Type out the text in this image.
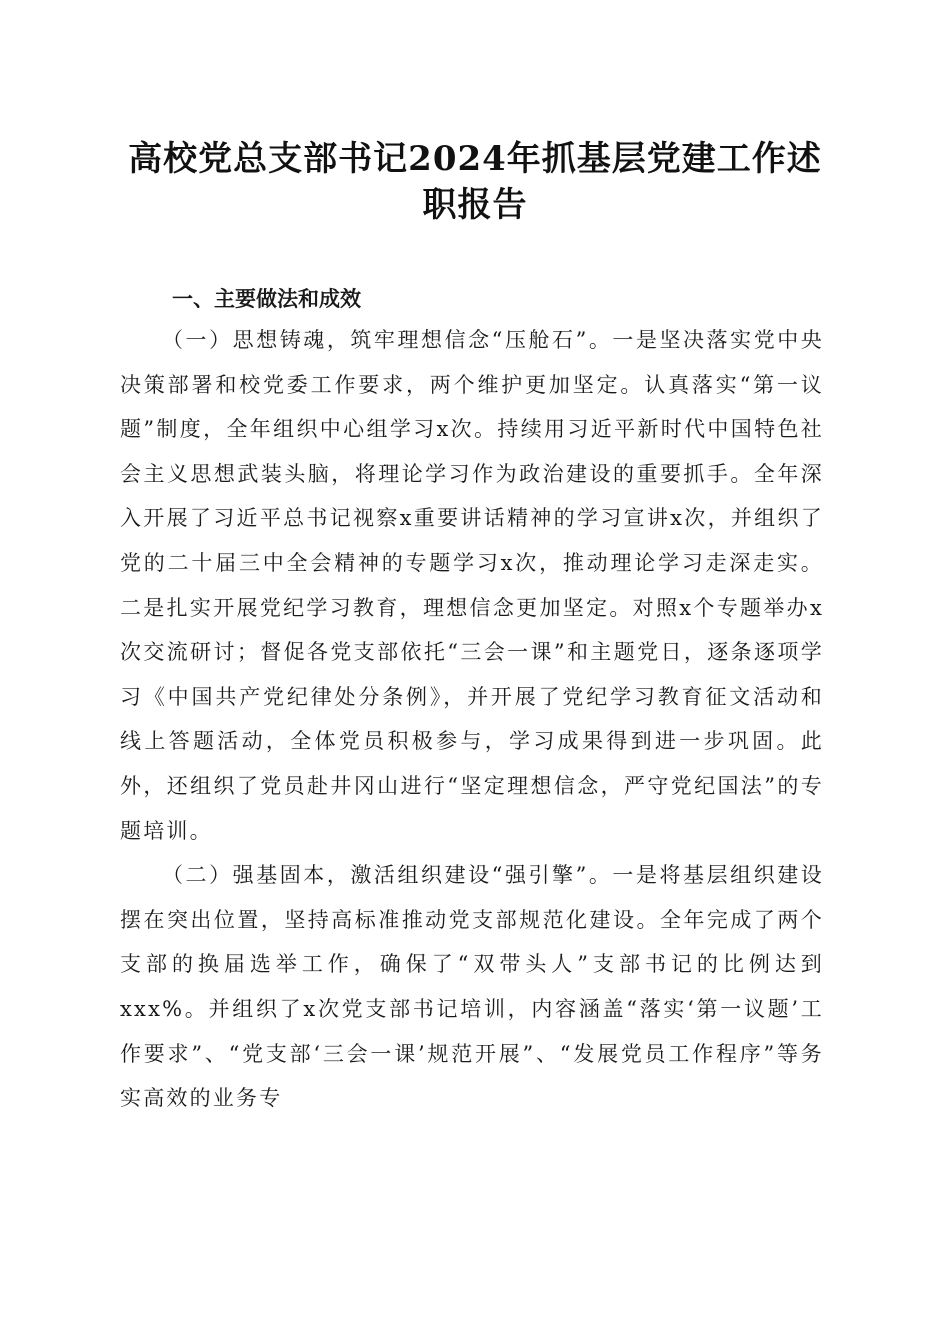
高校党总支部书记2024年抓基层党建工作述职报告
一、主要做法和成效

（一）思想铸魂，筑牢理想信念“压舱石”。一是坚决落实党中央决策部署和校党委工作要求，两个维护更加坚定。认真落实“第一议题”制度，全年组织中心组学习x次。持续用习近平新时代中国特色社会主义思想武装头脑，将理论学习作为政治建设的重要抓手。全年深入开展了习近平总书记视察x重要讲话精神的学习宣讲x次，并组织了党的二十届三中全会精神的专题学习x次，推动理论学习走深走实。二是扎实开展党纪学习教育，理想信念更加坚定。对照x个专题举办x次交流研讨；督促各党支部依托“三会一课”和主题党日，逐条逐项学习《中国共产党纪律处分条例》，并开展了党纪学习教育征文活动和线上答题活动，全体党员积极参与，学习成果得到进一步巩固。此外，还组织了党员赴井冈山进行“坚定理想信念，严守党纪国法”的专题培训。

（二）强基固本，激活组织建设“强引擎”。一是将基层组织建设摆在突出位置，坚持高标准推动党支部规范化建设。全年完成了两个支部的换届选举工作，确保了“双带头人”支部书记的比例达到xxx%。并组织了x次党支部书记培训，内容涵盖“落实‘第一议题’工作要求”、“党支部‘三会一课’规范开展”、“发展党员工作程序”等务实高效的业务专
